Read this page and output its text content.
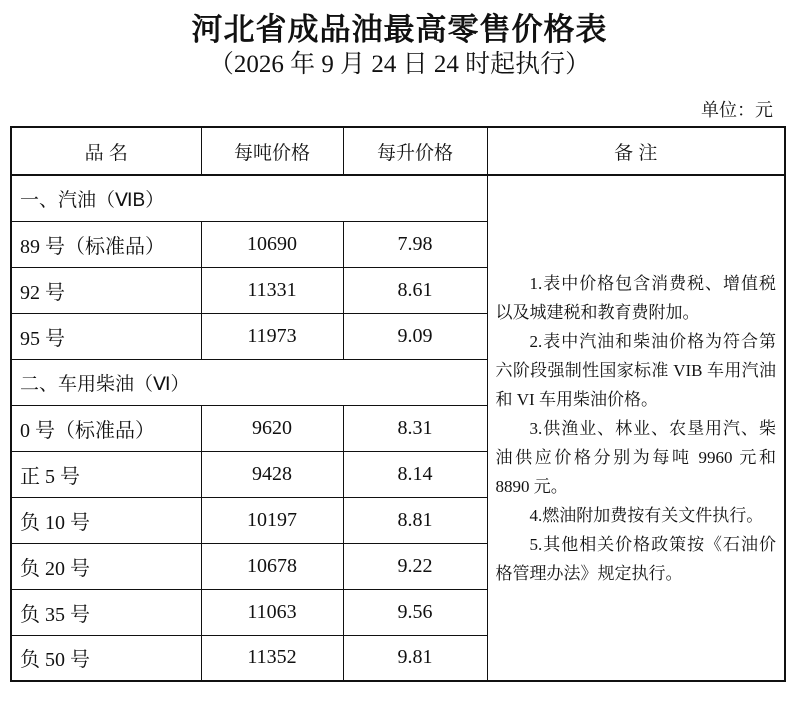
河北省成品油最高零售价格表
（2026 年 9 月 24 日 24 时起执行）
单位：元
品 名	每吨价格	每升价格	备 注
一、汽油（ⅥB）			1.表中价格包含消费税、增值税以及城建税和教育费附加。

2.表中汽油和柴油价格为符合第六阶段强制性国家标准 VIB 车用汽油和 VI 车用柴油价格。

3.供渔业、林业、农垦用汽、柴油供应价格分别为每吨 9960 元和 8890 元。

4.燃油附加费按有关文件执行。

5.其他相关价格政策按《石油价格管理办法》规定执行。

89 号（标准品）	10690	7.98	
92 号	11331	8.61	
95 号	11973	9.09	
二、车用柴油（Ⅵ）			
0 号（标准品）	9620	8.31	
正 5 号	9428	8.14	
负 10 号	10197	8.81	
负 20 号	10678	9.22	
负 35 号	11063	9.56	
负 50 号	11352	9.81	
